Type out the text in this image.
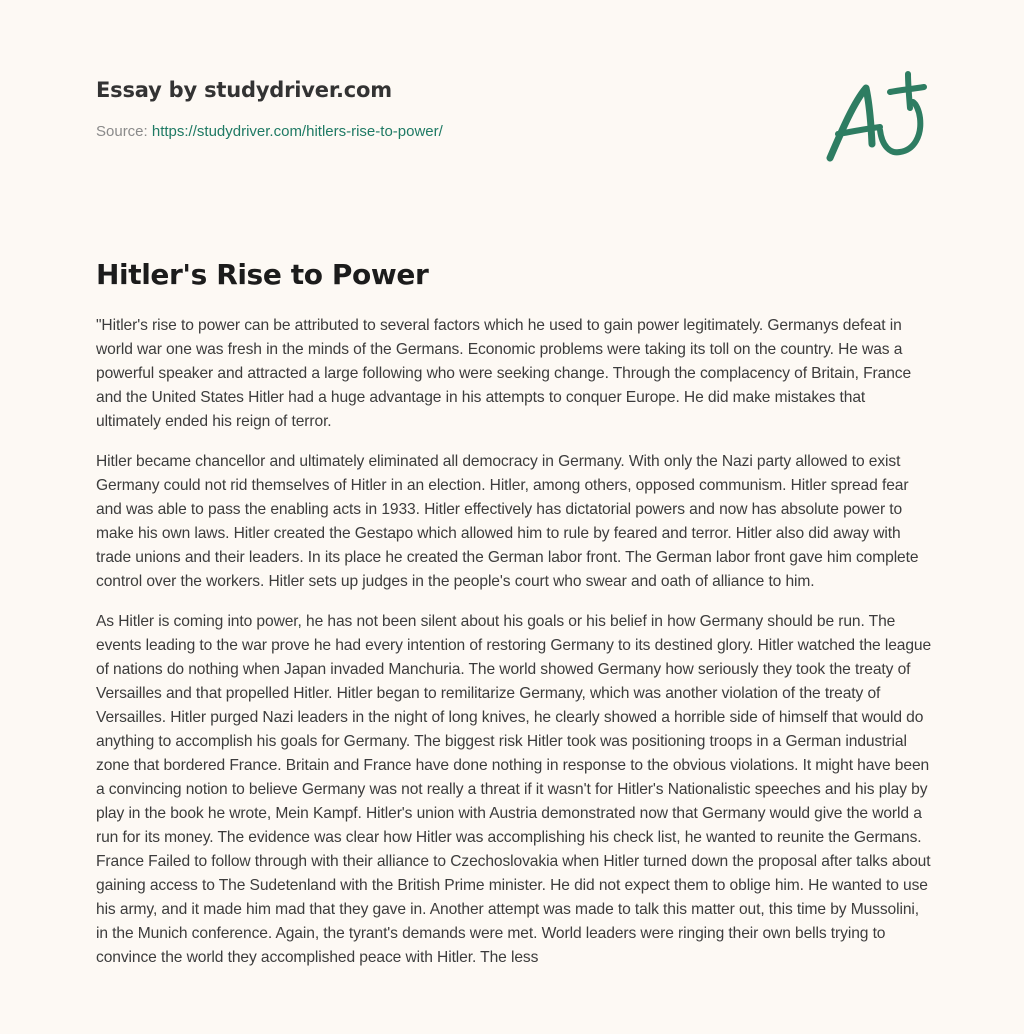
Essay by studydriver.com
Source: https://studydriver.com/hitlers-rise-to-power/
Hitler's Rise to Power

"Hitler's rise to power can be attributed to several factors which he used to gain power legitimately. Germanys defeat in world war one was fresh in the minds of the Germans. Economic problems were taking its toll on the country. He was a powerful speaker and attracted a large following who were seeking change. Through the complacency of Britain, France and the United States Hitler had a huge advantage in his attempts to conquer Europe. He did make mistakes that ultimately ended his reign of terror.

Hitler became chancellor and ultimately eliminated all democracy in Germany. With only the Nazi party allowed to exist Germany could not rid themselves of Hitler in an election. Hitler, among others, opposed communism. Hitler spread fear and was able to pass the enabling acts in 1933. Hitler effectively has dictatorial powers and now has absolute power to make his own laws. Hitler created the Gestapo which allowed him to rule by feared and terror. Hitler also did away with trade unions and their leaders. In its place he created the German labor front. The German labor front gave him complete control over the workers. Hitler sets up judges in the people's court who swear and oath of alliance to him.

As Hitler is coming into power, he has not been silent about his goals or his belief in how Germany should be run. The events leading to the war prove he had every intention of restoring Germany to its destined glory. Hitler watched the league of nations do nothing when Japan invaded Manchuria. The world showed Germany how seriously they took the treaty of Versailles and that propelled Hitler. Hitler began to remilitarize Germany, which was another violation of the treaty of Versailles. Hitler purged Nazi leaders in the night of long knives, he clearly showed a horrible side of himself that would do anything to accomplish his goals for Germany. The biggest risk Hitler took was positioning troops in a German industrial zone that bordered France. Britain and France have done nothing in response to the obvious violations. It might have been a convincing notion to believe Germany was not really a threat if it wasn't for Hitler's Nationalistic speeches and his play by play in the book he wrote, Mein Kampf. Hitler's union with Austria demonstrated now that Germany would give the world a run for its money. The evidence was clear how Hitler was accomplishing his check list, he wanted to reunite the Germans. France Failed to follow through with their alliance to Czechoslovakia when Hitler turned down the proposal after talks about gaining access to The Sudetenland with the British Prime minister. He did not expect them to oblige him. He wanted to use his army, and it made him mad that they gave in. Another attempt was made to talk this matter out, this time by Mussolini, in the Munich conference. Again, the tyrant's demands were met. World leaders were ringing their own bells trying to convince the world they accomplished peace with Hitler. The less
